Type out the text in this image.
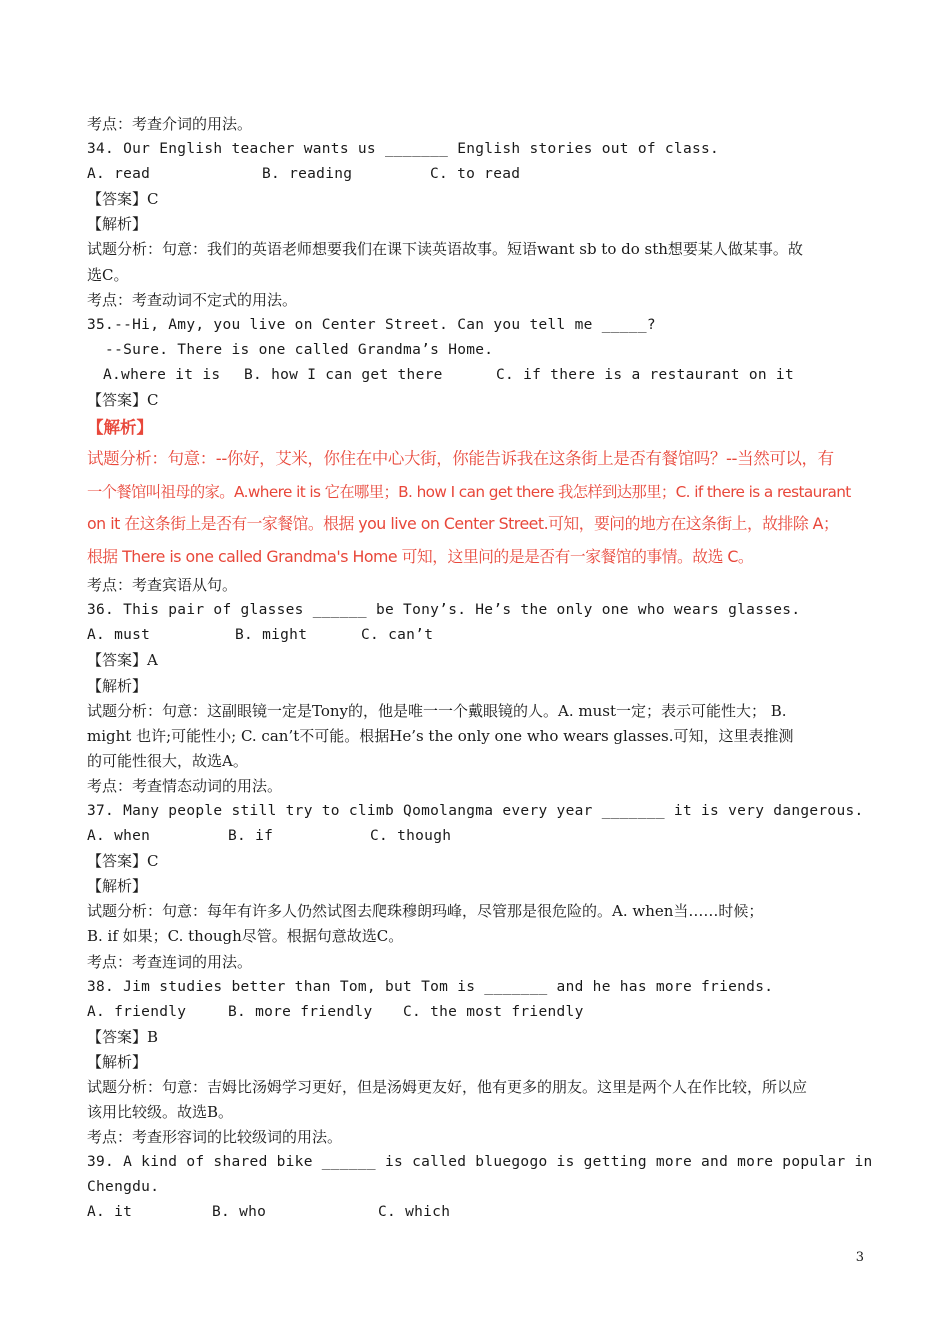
考点：考查介词的用法。
34. Our English teacher wants us _______ English stories out of class.
A. read	B. reading	C. to read
【答案】C
【解析】
试题分析：句意：我们的英语老师想要我们在课下读英语故事。短语want sb to do sth想要某人做某事。故
选C。
考点：考查动词不定式的用法。
35.--Hi, Amy, you live on Center Street. Can you tell me _____?
--Sure. There is one called Grandma’s Home.
A.where it is	B. how I can get there	C. if there is a restaurant on it
【答案】C
【解析】
试题分析：句意：--你好，艾米，你住在中心大街，你能告诉我在这条街上是否有餐馆吗？--当然可以，有
一个餐馆叫祖母的家。A.where it is 它在哪里；B. how I can get there 我怎样到达那里；C. if there is a restaurant
on it 在这条街上是否有一家餐馆。根据 you live on Center Street.可知，要问的地方在这条街上，故排除 A；
根据 There is one called Grandma's Home 可知，这里问的是是否有一家餐馆的事情。故选 C。
考点：考查宾语从句。
36. This pair of glasses ______ be Tony’s. He’s the only one who wears glasses.
A. must	B. might	C. can’t
【答案】A
【解析】
试题分析：句意：这副眼镜一定是Tony的，他是唯一一个戴眼镜的人。A. must一定；表示可能性大； B.
might 也许;可能性小; C. can’t不可能。根据He’s the only one who wears glasses.可知，这里表推测
的可能性很大，故选A。
考点：考查情态动词的用法。
37. Many people still try to climb Qomolangma every year _______ it is very dangerous.
A. when	B. if	C. though
【答案】C
【解析】
试题分析：句意：每年有许多人仍然试图去爬珠穆朗玛峰，尽管那是很危险的。A. when当……时候；
B. if 如果；C. though尽管。根据句意故选C。
考点：考查连词的用法。
38. Jim studies better than Tom, but Tom is _______ and he has more friends.
A. friendly	B. more friendly	C. the most friendly
【答案】B
【解析】
试题分析：句意：吉姆比汤姆学习更好，但是汤姆更友好，他有更多的朋友。这里是两个人在作比较，所以应
该用比较级。故选B。
考点：考查形容词的比较级词的用法。
39. A kind of shared bike ______ is called bluegogo is getting more and more popular in
Chengdu.
A. it	B. who	C. which
3
